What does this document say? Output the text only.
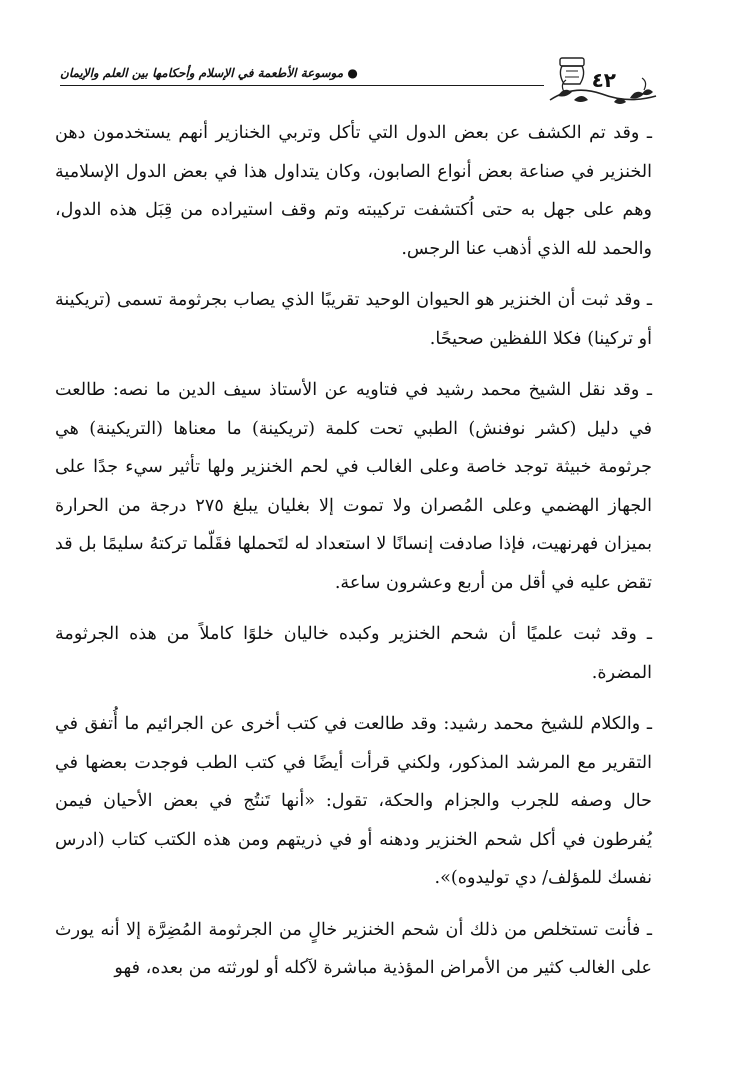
٤٢
● موسوعة الأطعمة في الإسلام وأحكامها بين العلم والإيمان

ـ وقد تم الكشف عن بعض الدول التي تأكل وتربي الخنازير أنهم يستخدمون دهن الخنزير في صناعة بعض أنواع الصابون، وكان يتداول هذا في بعض الدول الإسلامية وهم على جهل به حتى اُكتشفت تركيبته وتم وقف استيراده من قِبَل هذه الدول، والحمد لله الذي أذهب عنا الرجس.

ـ وقد ثبت أن الخنزير هو الحيوان الوحيد تقريبًا الذي يصاب بجرثومة تسمى (تريكينة أو تركينا) فكلا اللفظين صحيحًا.

ـ وقد نقل الشيخ محمد رشيد في فتاويه عن الأستاذ سيف الدين ما نصه: طالعت في دليل (كشر نوفنش) الطبي تحت كلمة (تريكينة) ما معناها (التريكينة) هي جرثومة خبيثة توجد خاصة وعلى الغالب في لحم الخنزير ولها تأثير سيء جدًا على الجهاز الهضمي وعلى المُصران ولا تموت إلا بغليان يبلغ ٢٧٥ درجة من الحرارة بميزان فهرنهيت، فإذا صادفت إنسانًا لا استعداد له لتَحملها فقَلّما تركتهُ سليمًا بل قد تقض عليه في أقل من أربع وعشرون ساعة.

ـ وقد ثبت علميًا أن شحم الخنزير وكبده خاليان خلوًا كاملاً من هذه الجرثومة المضرة.

ـ والكلام للشيخ محمد رشيد: وقد طالعت في كتب أخرى عن الجرائيم ما أُتفق في التقرير مع المرشد المذكور، ولكني قرأت أيضًا في كتب الطب فوجدت بعضها في حال وصفه للجرب والجزام والحكة، تقول: «أنها تَنتُج في بعض الأحيان فيمن يُفرطون في أكل شحم الخنزير ودهنه أو في ذريتهم ومن هذه الكتب كتاب (ادرس نفسك للمؤلف/ دي توليدوه)».

ـ فأنت تستخلص من ذلك أن شحم الخنزير خالٍ من الجرثومة المُضِرَّة إلا أنه يورث على الغالب كثير من الأمراض المؤذية مباشرة لآكله أو لورثته من بعده، فهو
